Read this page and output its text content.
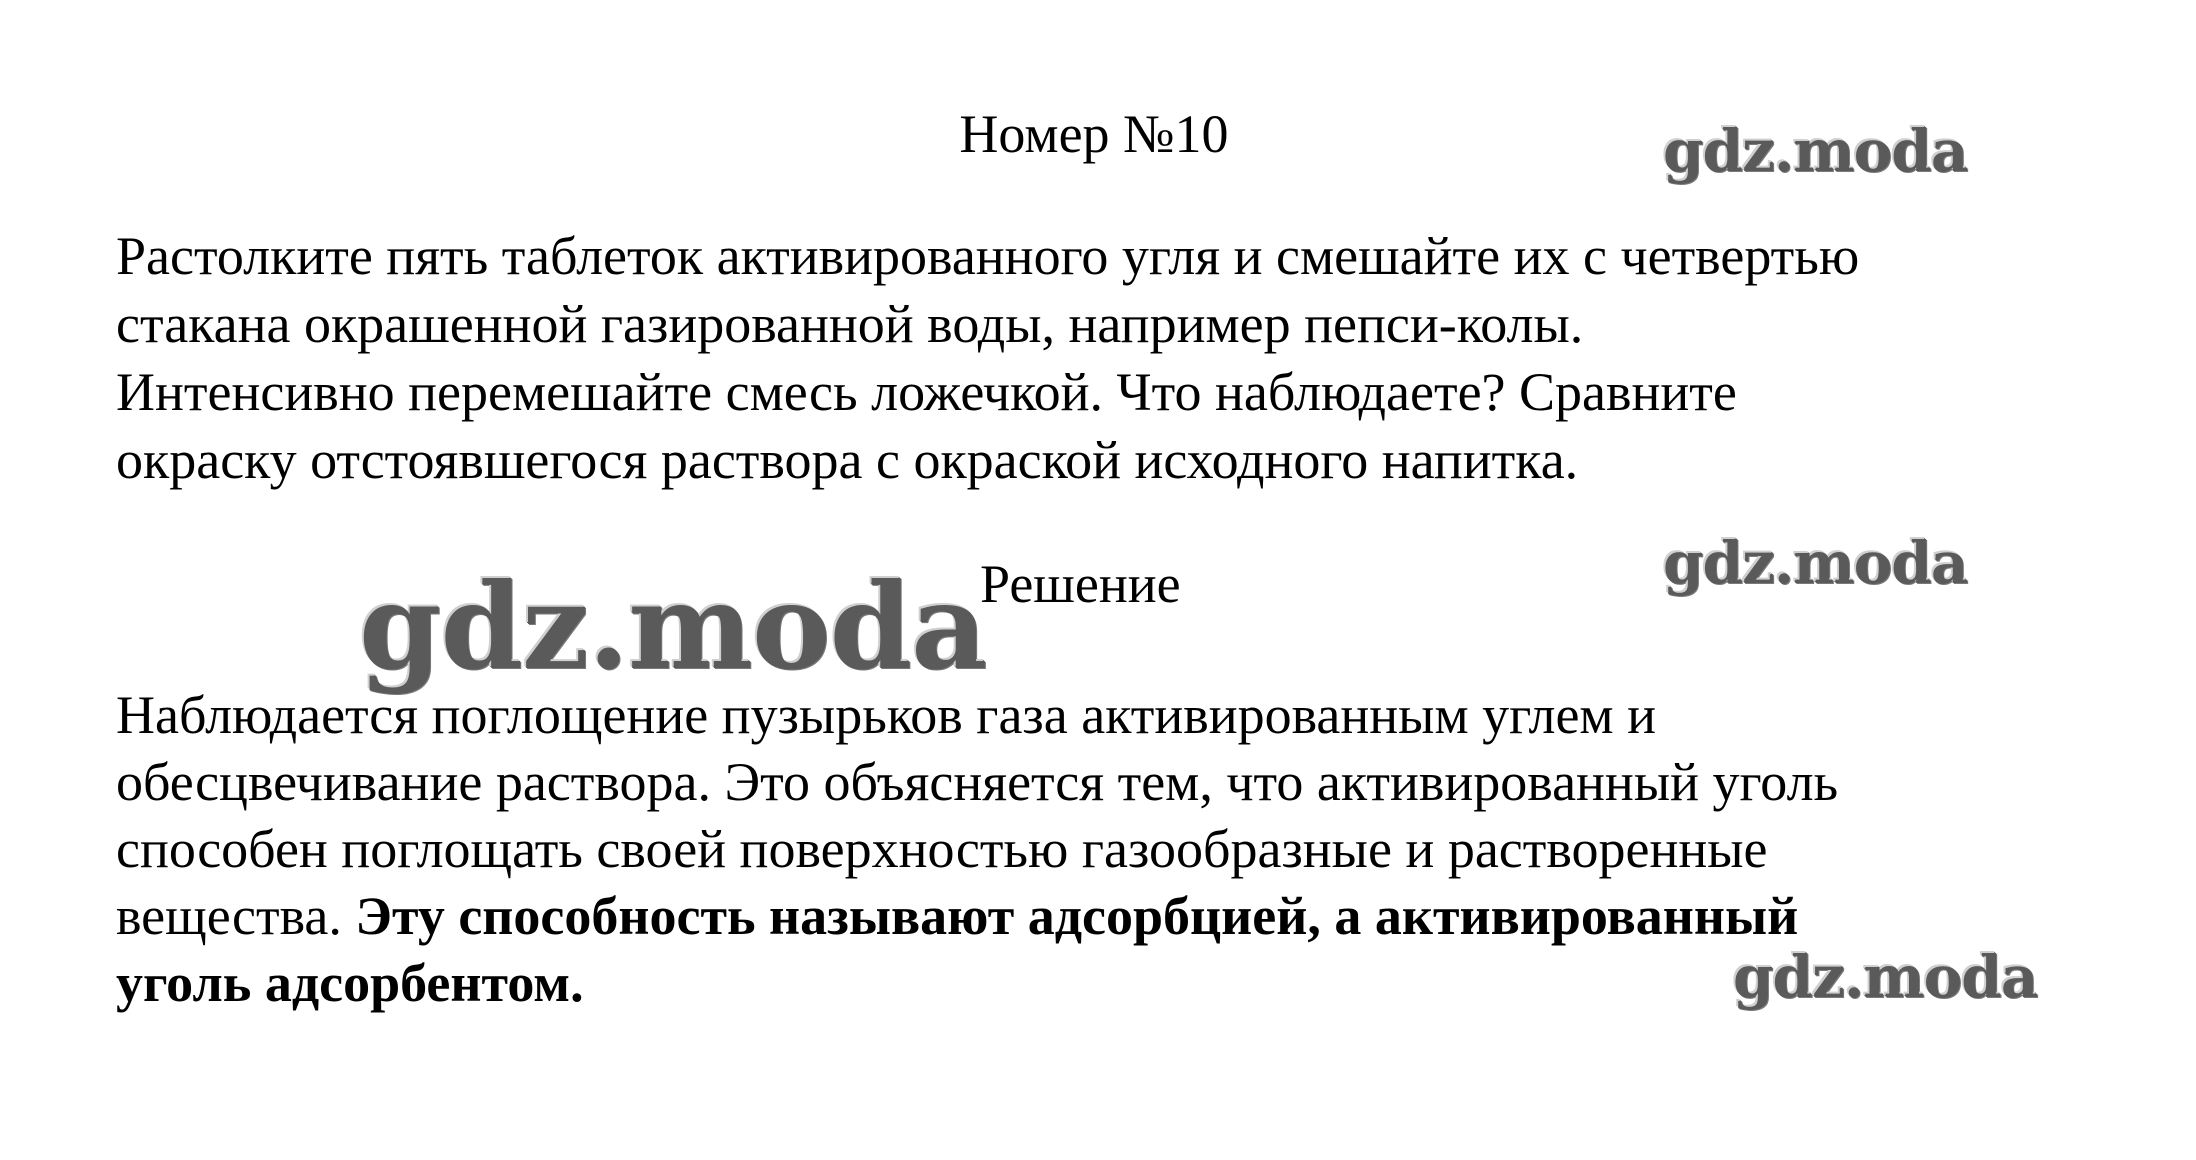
Номер №10	gdz.moda
Растолките пять таблеток активированного угля и смешайте их с четвертью
стакана окрашенной газированной воды, например пепси-колы.
Интенсивно перемешайте смесь ложечкой. Что наблюдаете? Сравните
окраску отстоявшегося раствора с окраской исходного напитка.
gdz.moda
gdz.moda
Решение
Наблюдается поглощение пузырьков газа активированным углем и
обесцвечивание раствора. Это объясняется тем, что активированный уголь
способен поглощать своей поверхностью газообразные и растворенные
вещества. Эту способность называют адсорбцией, а активированный
уголь адсорбентом.	gdz.moda
